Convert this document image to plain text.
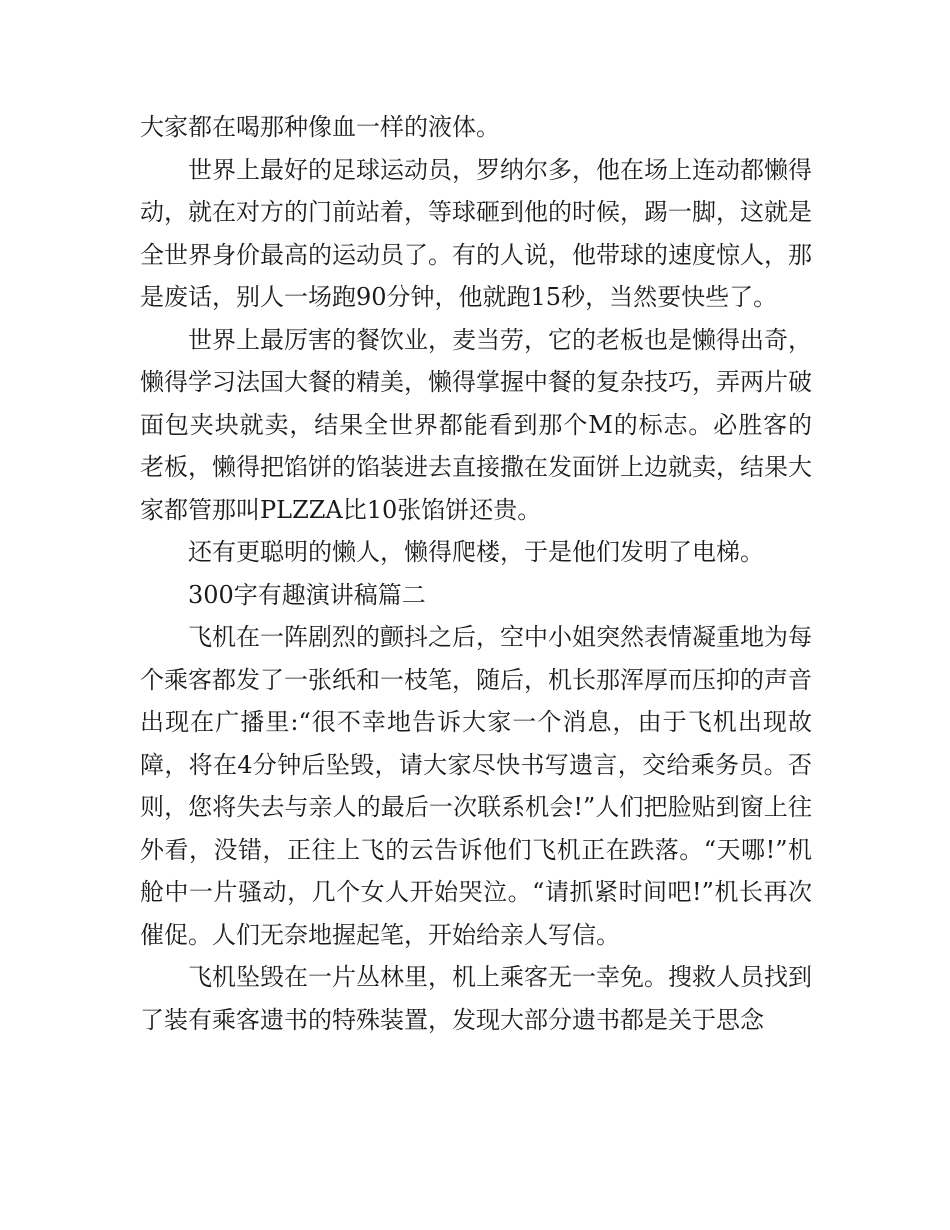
大家都在喝那种像血一样的液体。

世界上最好的足球运动员，罗纳尔多，他在场上连动都懒得动，就在对方的门前站着，等球砸到他的时候，踢一脚，这就是全世界身价最高的运动员了。有的人说，他带球的速度惊人，那是废话，别人一场跑90分钟，他就跑15秒，当然要快些了。

世界上最厉害的餐饮业，麦当劳，它的老板也是懒得出奇，懒得学习法国大餐的精美，懒得掌握中餐的复杂技巧，弄两片破面包夹块就卖，结果全世界都能看到那个M的标志。必胜客的老板，懒得把馅饼的馅装进去直接撒在发面饼上边就卖，结果大家都管那叫PLZZA比10张馅饼还贵。

还有更聪明的懒人，懒得爬楼，于是他们发明了电梯。

300字有趣演讲稿篇二

飞机在一阵剧烈的颤抖之后，空中小姐突然表情凝重地为每个乘客都发了一张纸和一枝笔，随后，机长那浑厚而压抑的声音出现在广播里:“很不幸地告诉大家一个消息，由于飞机出现故障，将在4分钟后坠毁，请大家尽快书写遗言，交给乘务员。否则，您将失去与亲人的最后一次联系机会!”人们把脸贴到窗上往外看，没错，正往上飞的云告诉他们飞机正在跌落。“天哪!”机舱中一片骚动，几个女人开始哭泣。“请抓紧时间吧!”机长再次催促。人们无奈地握起笔，开始给亲人写信。

飞机坠毁在一片丛林里，机上乘客无一幸免。搜救人员找到了装有乘客遗书的特殊装置，发现大部分遗书都是关于思念
